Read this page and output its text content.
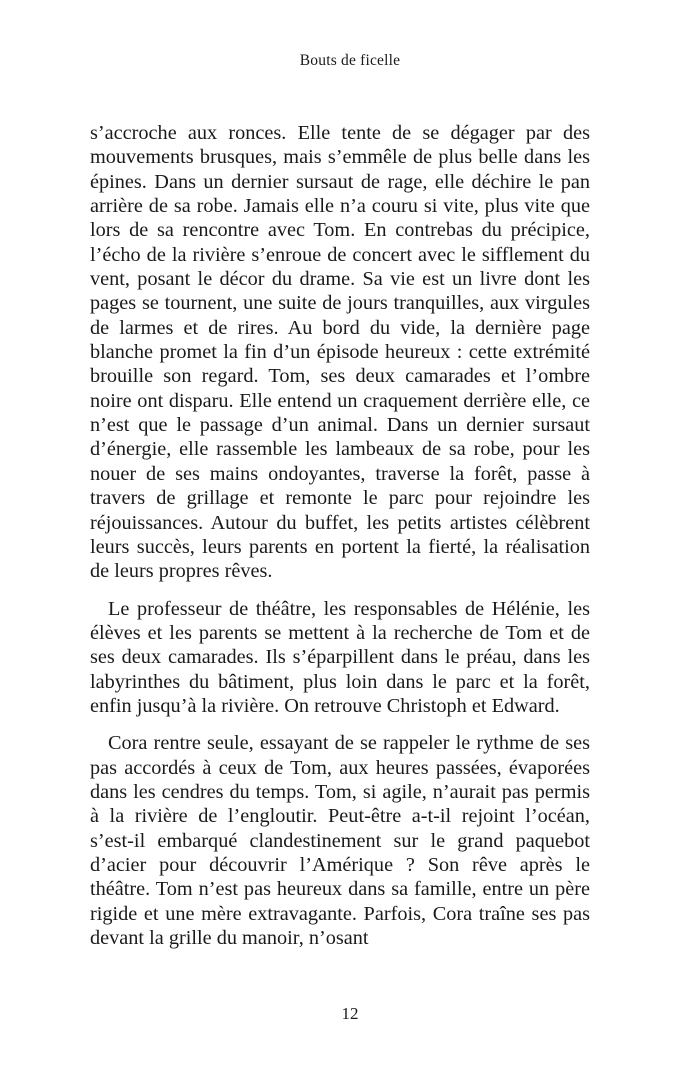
Bouts de ficelle

s’accroche aux ronces. Elle tente de se dégager par des mouvements brusques, mais s’emmêle de plus belle dans les épines. Dans un dernier sursaut de rage, elle déchire le pan arrière de sa robe. Jamais elle n’a couru si vite, plus vite que lors de sa rencontre avec Tom. En contrebas du précipice, l’écho de la rivière s’enroue de concert avec le sifflement du vent, posant le décor du drame. Sa vie est un livre dont les pages se tournent, une suite de jours tranquilles, aux virgules de larmes et de rires. Au bord du vide, la dernière page blanche promet la fin d’un épisode heureux : cette extrémité brouille son regard. Tom, ses deux camarades et l’ombre noire ont disparu. Elle entend un craquement derrière elle, ce n’est que le passage d’un animal. Dans un dernier sursaut d’énergie, elle rassemble les lambeaux de sa robe, pour les nouer de ses mains ondoyantes, traverse la forêt, passe à travers de grillage et remonte le parc pour rejoindre les réjouissances. Autour du buffet, les petits artistes célèbrent leurs succès, leurs parents en portent la fierté, la réalisation de leurs propres rêves.

Le professeur de théâtre, les responsables de Hélénie, les élèves et les parents se mettent à la recherche de Tom et de ses deux camarades. Ils s’éparpillent dans le préau, dans les labyrinthes du bâtiment, plus loin dans le parc et la forêt, enfin jusqu’à la rivière. On retrouve Christoph et Edward.

Cora rentre seule, essayant de se rappeler le rythme de ses pas accordés à ceux de Tom, aux heures passées, évaporées dans les cendres du temps. Tom, si agile, n’aurait pas permis à la rivière de l’engloutir. Peut-être a-t-il rejoint l’océan, s’est-il embarqué clandestinement sur le grand paquebot d’acier pour découvrir l’Amérique ? Son rêve après le théâtre. Tom n’est pas heureux dans sa famille, entre un père rigide et une mère extravagante. Parfois, Cora traîne ses pas devant la grille du manoir, n’osant

12
